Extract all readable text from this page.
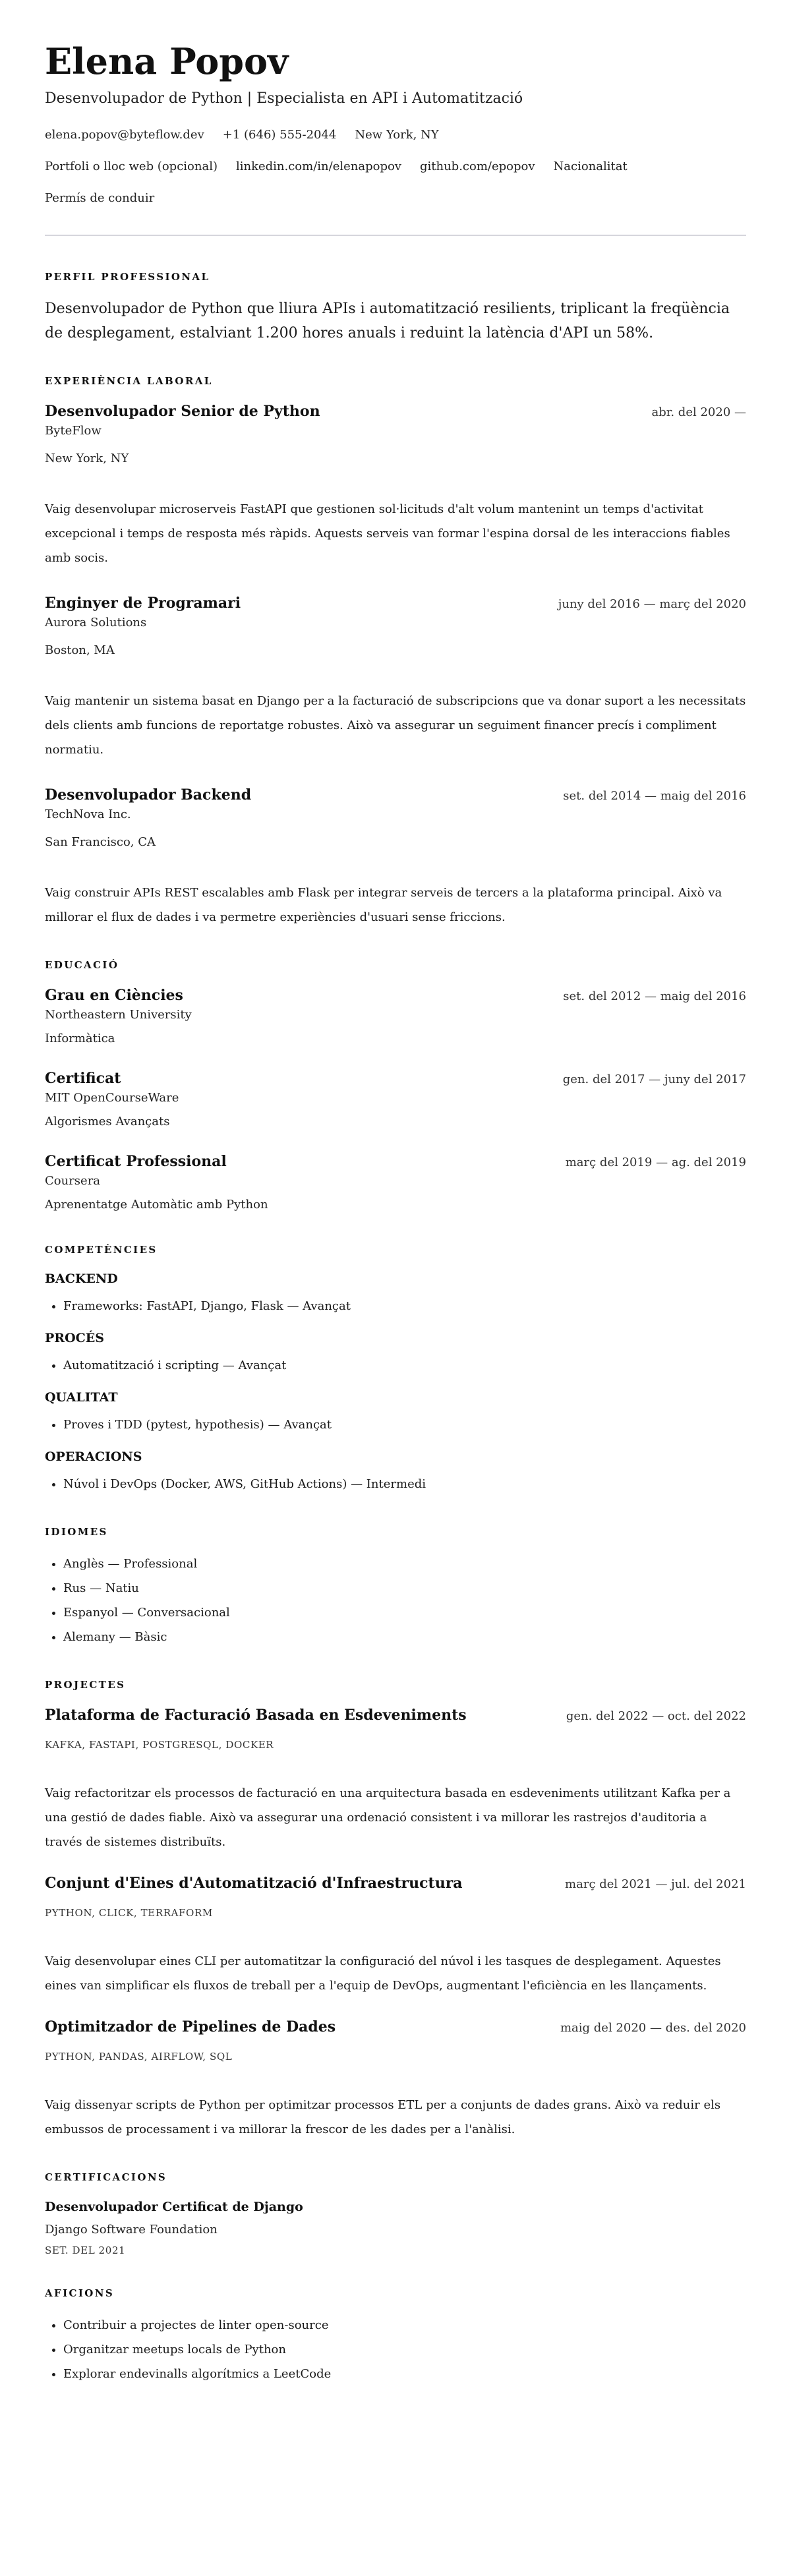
Elena Popov
Desenvolupador de Python | Especialista en API i Automatització
elena.popov@byteflow.dev +1 (646) 555-2044 New York, NY
Portfoli o lloc web (opcional) linkedin.com/in/elenapopov github.com/epopov Nacionalitat
Permís de conduir
PERFIL PROFESSIONAL

Desenvolupador de Python que lliura APIs i automatització resilients, triplicant la freqüència de desplegament, estalviant 1.200 hores anuals i reduint la latència d'API un 58%.

EXPERIÈNCIA LABORAL
Desenvolupador Senior de Python	abr. del 2020 —
ByteFlow
New York, NY

Vaig desenvolupar microserveis FastAPI que gestionen sol·licituds d'alt volum mantenint un temps d'activitat excepcional i temps de resposta més ràpids. Aquests serveis van formar l'espina dorsal de les interaccions fiables amb socis.

Enginyer de Programari	juny del 2016 — març del 2020
Aurora Solutions
Boston, MA

Vaig mantenir un sistema basat en Django per a la facturació de subscripcions que va donar suport a les necessitats dels clients amb funcions de reportatge robustes. Això va assegurar un seguiment financer precís i compliment normatiu.

Desenvolupador Backend	set. del 2014 — maig del 2016
TechNova Inc.
San Francisco, CA

Vaig construir APIs REST escalables amb Flask per integrar serveis de tercers a la plataforma principal. Això va millorar el flux de dades i va permetre experiències d'usuari sense friccions.

EDUCACIÓ
Grau en Ciències	set. del 2012 — maig del 2016
Northeastern University
Informàtica
Certificat	gen. del 2017 — juny del 2017
MIT OpenCourseWare
Algorismes Avançats
Certificat Professional	març del 2019 — ag. del 2019
Coursera
Aprenentatge Automàtic amb Python
COMPETÈNCIES
BACKEND
• Frameworks: FastAPI, Django, Flask — Avançat
PROCÉS
• Automatització i scripting — Avançat
QUALITAT
• Proves i TDD (pytest, hypothesis) — Avançat
OPERACIONS
• Núvol i DevOps (Docker, AWS, GitHub Actions) — Intermedi
IDIOMES
• Anglès — Professional
• Rus — Natiu
• Espanyol — Conversacional
• Alemany — Bàsic
PROJECTES
Plataforma de Facturació Basada en Esdeveniments	gen. del 2022 — oct. del 2022
KAFKA, FASTAPI, POSTGRESQL, DOCKER

Vaig refactoritzar els processos de facturació en una arquitectura basada en esdeveniments utilitzant Kafka per a una gestió de dades fiable. Això va assegurar una ordenació consistent i va millorar les rastrejos d'auditoria a través de sistemes distribuïts.

Conjunt d'Eines d'Automatització d'Infraestructura	març del 2021 — jul. del 2021
PYTHON, CLICK, TERRAFORM

Vaig desenvolupar eines CLI per automatitzar la configuració del núvol i les tasques de desplegament. Aquestes eines van simplificar els fluxos de treball per a l'equip de DevOps, augmentant l'eficiència en les llançaments.

Optimitzador de Pipelines de Dades	maig del 2020 — des. del 2020
PYTHON, PANDAS, AIRFLOW, SQL

Vaig dissenyar scripts de Python per optimitzar processos ETL per a conjunts de dades grans. Això va reduir els embussos de processament i va millorar la frescor de les dades per a l'anàlisi.

CERTIFICACIONS
Desenvolupador Certificat de Django
Django Software Foundation
SET. DEL 2021
AFICIONS
• Contribuir a projectes de linter open-source
• Organitzar meetups locals de Python
• Explorar endevinalls algorítmics a LeetCode
